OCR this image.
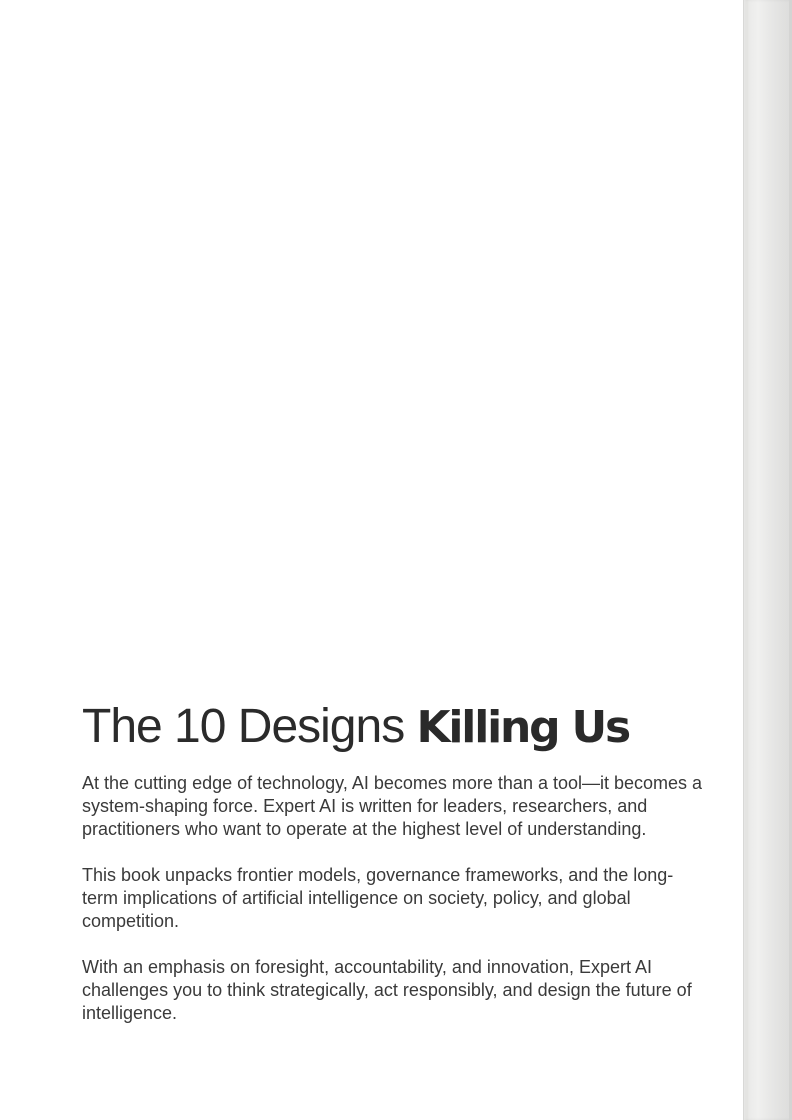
The 10 Designs Killing Us

At the cutting edge of technology, AI becomes more than a tool—it becomes a system-shaping force. Expert AI is written for leaders, researchers, and practitioners who want to operate at the highest level of understanding.

This book unpacks frontier models, governance frameworks, and the long-term implications of artificial intelligence on society, policy, and global competition.

With an emphasis on foresight, accountability, and innovation, Expert AI challenges you to think strategically, act responsibly, and design the future of intelligence.
